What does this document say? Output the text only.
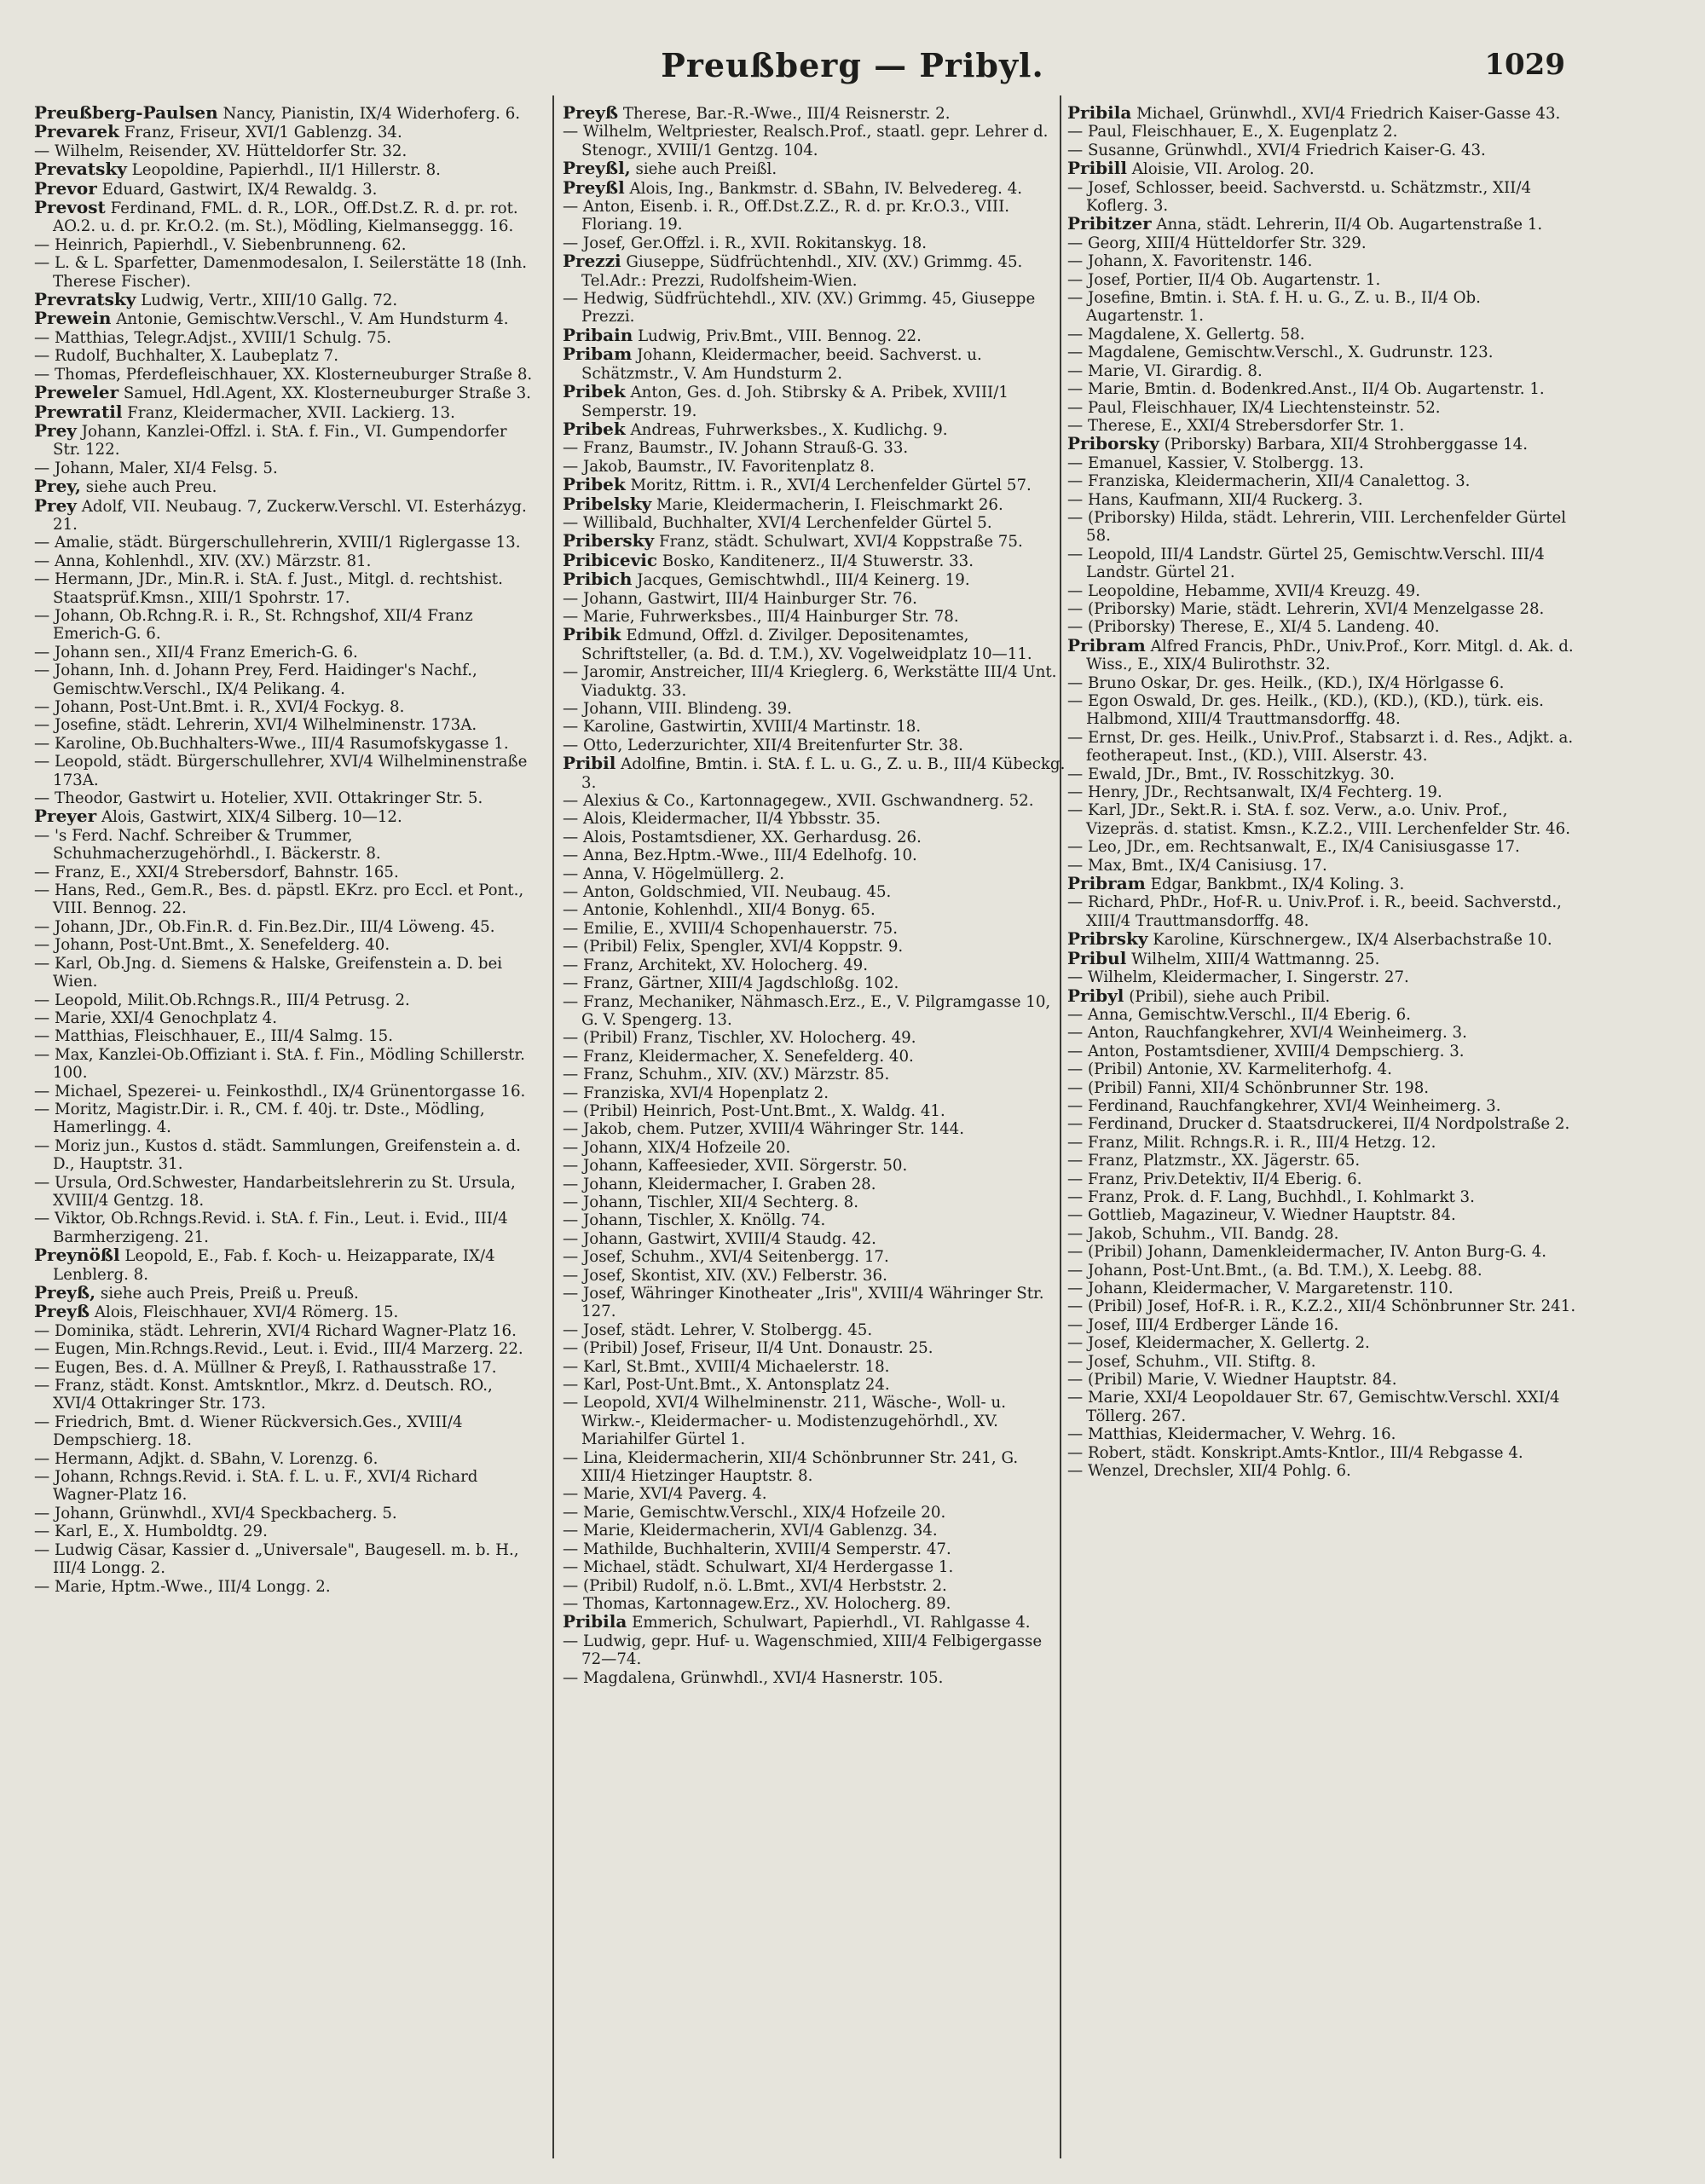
Preußberg — Pribyl.	1029
Preußberg-Paulsen Nancy, Pianistin, IX/4 Widerhoferg. 6.
Prevarek Franz, Friseur, XVI/1 Gablenzg. 34.
— Wilhelm, Reisender, XV. Hütteldorfer Str. 32.
Prevatsky Leopoldine, Papierhdl., II/1 Hillerstr. 8.
Prevor Eduard, Gastwirt, IX/4 Rewaldg. 3.
Prevost Ferdinand, FML. d. R., LOR., Off.Dst.Z. R. d. pr. rot. AO.2. u. d. pr. Kr.O.2. (m. St.), Mödling, Kielmanseggg. 16.
— Heinrich, Papierhdl., V. Siebenbrunneng. 62.
— L. & L. Sparfetter, Damenmodesalon, I. Seilerstätte 18 (Inh. Therese Fischer).
Prevratsky Ludwig, Vertr., XIII/10 Gallg. 72.
Prewein Antonie, Gemischtw.Verschl., V. Am Hundsturm 4.
— Matthias, Telegr.Adjst., XVIII/1 Schulg. 75.
— Rudolf, Buchhalter, X. Laubeplatz 7.
— Thomas, Pferdefleischhauer, XX. Klosterneuburger Straße 8.
Preweler Samuel, Hdl.Agent, XX. Klosterneuburger Straße 3.
Prewratil Franz, Kleidermacher, XVII. Lackierg. 13.
Prey Johann, Kanzlei-Offzl. i. StA. f. Fin., VI. Gumpendorfer Str. 122.
— Johann, Maler, XI/4 Felsg. 5.
Prey, siehe auch Preu.
Prey Adolf, VII. Neubaug. 7, Zuckerw.Verschl. VI. Esterházyg. 21.
— Amalie, städt. Bürgerschullehrerin, XVIII/1 Riglergasse 13.
— Anna, Kohlenhdl., XIV. (XV.) Märzstr. 81.
— Hermann, JDr., Min.R. i. StA. f. Just., Mitgl. d. rechtshist. Staatsprüf.Kmsn., XIII/1 Spohrstr. 17.
— Johann, Ob.Rchng.R. i. R., St. Rchngshof, XII/4 Franz Emerich-G. 6.
— Johann sen., XII/4 Franz Emerich-G. 6.
— Johann, Inh. d. Johann Prey, Ferd. Haidinger's Nachf., Gemischtw.Verschl., IX/4 Pelikang. 4.
— Johann, Post-Unt.Bmt. i. R., XVI/4 Fockyg. 8.
— Josefine, städt. Lehrerin, XVI/4 Wilhelminenstr. 173A.
— Karoline, Ob.Buchhalters-Wwe., III/4 Rasumofskygasse 1.
— Leopold, städt. Bürgerschullehrer, XVI/4 Wilhelminenstraße 173A.
— Theodor, Gastwirt u. Hotelier, XVII. Ottakringer Str. 5.
Preyer Alois, Gastwirt, XIX/4 Silberg. 10—12.
— 's Ferd. Nachf. Schreiber & Trummer, Schuhmacherzugehörhdl., I. Bäckerstr. 8.
— Franz, E., XXI/4 Strebersdorf, Bahnstr. 165.
— Hans, Red., Gem.R., Bes. d. päpstl. EKrz. pro Eccl. et Pont., VIII. Bennog. 22.
— Johann, JDr., Ob.Fin.R. d. Fin.Bez.Dir., III/4 Löweng. 45.
— Johann, Post-Unt.Bmt., X. Senefelderg. 40.
— Karl, Ob.Jng. d. Siemens & Halske, Greifenstein a. D. bei Wien.
— Leopold, Milit.Ob.Rchngs.R., III/4 Petrusg. 2.
— Marie, XXI/4 Genochplatz 4.
— Matthias, Fleischhauer, E., III/4 Salmg. 15.
— Max, Kanzlei-Ob.Offiziant i. StA. f. Fin., Mödling Schillerstr. 100.
— Michael, Spezerei- u. Feinkosthdl., IX/4 Grünentorgasse 16.
— Moritz, Magistr.Dir. i. R., CM. f. 40j. tr. Dste., Mödling, Hamerlingg. 4.
— Moriz jun., Kustos d. städt. Sammlungen, Greifenstein a. d. D., Hauptstr. 31.
— Ursula, Ord.Schwester, Handarbeitslehrerin zu St. Ursula, XVIII/4 Gentzg. 18.
— Viktor, Ob.Rchngs.Revid. i. StA. f. Fin., Leut. i. Evid., III/4 Barmherzigeng. 21.
Preynößl Leopold, E., Fab. f. Koch- u. Heizapparate, IX/4 Lenblerg. 8.
Preyß, siehe auch Preis, Preiß u. Preuß.
Preyß Alois, Fleischhauer, XVI/4 Römerg. 15.
— Dominika, städt. Lehrerin, XVI/4 Richard Wagner-Platz 16.
— Eugen, Min.Rchngs.Revid., Leut. i. Evid., III/4 Marzerg. 22.
— Eugen, Bes. d. A. Müllner & Preyß, I. Rathausstraße 17.
— Franz, städt. Konst. Amtskntlor., Mkrz. d. Deutsch. RO., XVI/4 Ottakringer Str. 173.
— Friedrich, Bmt. d. Wiener Rückversich.Ges., XVIII/4 Dempschierg. 18.
— Hermann, Adjkt. d. SBahn, V. Lorenzg. 6.
— Johann, Rchngs.Revid. i. StA. f. L. u. F., XVI/4 Richard Wagner-Platz 16.
— Johann, Grünwhdl., XVI/4 Speckbacherg. 5.
— Karl, E., X. Humboldtg. 29.
— Ludwig Cäsar, Kassier d. „Universale", Baugesell. m. b. H., III/4 Longg. 2.
— Marie, Hptm.-Wwe., III/4 Longg. 2.
Preyß Therese, Bar.-R.-Wwe., III/4 Reisnerstr. 2.
— Wilhelm, Weltpriester, Realsch.Prof., staatl. gepr. Lehrer d. Stenogr., XVIII/1 Gentzg. 104.
Preyßl, siehe auch Preißl.
Preyßl Alois, Ing., Bankmstr. d. SBahn, IV. Belvedereg. 4.
— Anton, Eisenb. i. R., Off.Dst.Z.Z., R. d. pr. Kr.O.3., VIII. Floriang. 19.
— Josef, Ger.Offzl. i. R., XVII. Rokitanskyg. 18.
Prezzi Giuseppe, Südfrüchtenhdl., XIV. (XV.) Grimmg. 45. Tel.Adr.: Prezzi, Rudolfsheim-Wien.
— Hedwig, Südfrüchtehdl., XIV. (XV.) Grimmg. 45, Giuseppe Prezzi.
Pribain Ludwig, Priv.Bmt., VIII. Bennog. 22.
Pribam Johann, Kleidermacher, beeid. Sachverst. u. Schätzmstr., V. Am Hundsturm 2.
Pribek Anton, Ges. d. Joh. Stibrsky & A. Pribek, XVIII/1 Semperstr. 19.
Pribek Andreas, Fuhrwerksbes., X. Kudlichg. 9.
— Franz, Baumstr., IV. Johann Strauß-G. 33.
— Jakob, Baumstr., IV. Favoritenplatz 8.
Pribek Moritz, Rittm. i. R., XVI/4 Lerchenfelder Gürtel 57.
Pribelsky Marie, Kleidermacherin, I. Fleischmarkt 26.
— Willibald, Buchhalter, XVI/4 Lerchenfelder Gürtel 5.
Pribersky Franz, städt. Schulwart, XVI/4 Koppstraße 75.
Pribicevic Bosko, Kanditenerz., II/4 Stuwerstr. 33.
Pribich Jacques, Gemischtwhdl., III/4 Keinerg. 19.
— Johann, Gastwirt, III/4 Hainburger Str. 76.
— Marie, Fuhrwerksbes., III/4 Hainburger Str. 78.
Pribik Edmund, Offzl. d. Zivilger. Depositenamtes, Schriftsteller, (a. Bd. d. T.M.), XV. Vogelweidplatz 10—11.
— Jaromir, Anstreicher, III/4 Krieglerg. 6, Werkstätte III/4 Unt. Viaduktg. 33.
— Johann, VIII. Blindeng. 39.
— Karoline, Gastwirtin, XVIII/4 Martinstr. 18.
— Otto, Lederzurichter, XII/4 Breitenfurter Str. 38.
Pribil Adolfine, Bmtin. i. StA. f. L. u. G., Z. u. B., III/4 Kübeckg. 3.
— Alexius & Co., Kartonnagegew., XVII. Gschwandnerg. 52.
— Alois, Kleidermacher, II/4 Ybbsstr. 35.
— Alois, Postamtsdiener, XX. Gerhardusg. 26.
— Anna, Bez.Hptm.-Wwe., III/4 Edelhofg. 10.
— Anna, V. Högelmüllerg. 2.
— Anton, Goldschmied, VII. Neubaug. 45.
— Antonie, Kohlenhdl., XII/4 Bonyg. 65.
— Emilie, E., XVIII/4 Schopenhauerstr. 75.
— (Pribil) Felix, Spengler, XVI/4 Koppstr. 9.
— Franz, Architekt, XV. Holocherg. 49.
— Franz, Gärtner, XIII/4 Jagdschloßg. 102.
— Franz, Mechaniker, Nähmasch.Erz., E., V. Pilgramgasse 10, G. V. Spengerg. 13.
— (Pribil) Franz, Tischler, XV. Holocherg. 49.
— Franz, Kleidermacher, X. Senefelderg. 40.
— Franz, Schuhm., XIV. (XV.) Märzstr. 85.
— Franziska, XVI/4 Hopenplatz 2.
— (Pribil) Heinrich, Post-Unt.Bmt., X. Waldg. 41.
— Jakob, chem. Putzer, XVIII/4 Währinger Str. 144.
— Johann, XIX/4 Hofzeile 20.
— Johann, Kaffeesieder, XVII. Sörgerstr. 50.
— Johann, Kleidermacher, I. Graben 28.
— Johann, Tischler, XII/4 Sechterg. 8.
— Johann, Tischler, X. Knöllg. 74.
— Johann, Gastwirt, XVIII/4 Staudg. 42.
— Josef, Schuhm., XVI/4 Seitenbergg. 17.
— Josef, Skontist, XIV. (XV.) Felberstr. 36.
— Josef, Währinger Kinotheater „Iris", XVIII/4 Währinger Str. 127.
— Josef, städt. Lehrer, V. Stolbergg. 45.
— (Pribil) Josef, Friseur, II/4 Unt. Donaustr. 25.
— Karl, St.Bmt., XVIII/4 Michaelerstr. 18.
— Karl, Post-Unt.Bmt., X. Antonsplatz 24.
— Leopold, XVI/4 Wilhelminenstr. 211, Wäsche-, Woll- u. Wirkw.-, Kleidermacher- u. Modistenzugehörhdl., XV. Mariahilfer Gürtel 1.
— Lina, Kleidermacherin, XII/4 Schönbrunner Str. 241, G. XIII/4 Hietzinger Hauptstr. 8.
— Marie, XVI/4 Paverg. 4.
— Marie, Gemischtw.Verschl., XIX/4 Hofzeile 20.
— Marie, Kleidermacherin, XVI/4 Gablenzg. 34.
— Mathilde, Buchhalterin, XVIII/4 Semperstr. 47.
— Michael, städt. Schulwart, XI/4 Herdergasse 1.
— (Pribil) Rudolf, n.ö. L.Bmt., XVI/4 Herbststr. 2.
— Thomas, Kartonnagew.Erz., XV. Holocherg. 89.
Pribila Emmerich, Schulwart, Papierhdl., VI. Rahlgasse 4.
— Ludwig, gepr. Huf- u. Wagenschmied, XIII/4 Felbigergasse 72—74.
— Magdalena, Grünwhdl., XVI/4 Hasnerstr. 105.
Pribila Michael, Grünwhdl., XVI/4 Friedrich Kaiser-Gasse 43.
— Paul, Fleischhauer, E., X. Eugenplatz 2.
— Susanne, Grünwhdl., XVI/4 Friedrich Kaiser-G. 43.
Pribill Aloisie, VII. Arolog. 20.
— Josef, Schlosser, beeid. Sachverstd. u. Schätzmstr., XII/4 Koflerg. 3.
Pribitzer Anna, städt. Lehrerin, II/4 Ob. Augartenstraße 1.
— Georg, XIII/4 Hütteldorfer Str. 329.
— Johann, X. Favoritenstr. 146.
— Josef, Portier, II/4 Ob. Augartenstr. 1.
— Josefine, Bmtin. i. StA. f. H. u. G., Z. u. B., II/4 Ob. Augartenstr. 1.
— Magdalene, X. Gellertg. 58.
— Magdalene, Gemischtw.Verschl., X. Gudrunstr. 123.
— Marie, VI. Girardig. 8.
— Marie, Bmtin. d. Bodenkred.Anst., II/4 Ob. Augartenstr. 1.
— Paul, Fleischhauer, IX/4 Liechtensteinstr. 52.
— Therese, E., XXI/4 Strebersdorfer Str. 1.
Priborsky (Priborsky) Barbara, XII/4 Strohberggasse 14.
— Emanuel, Kassier, V. Stolbergg. 13.
— Franziska, Kleidermacherin, XII/4 Canalettog. 3.
— Hans, Kaufmann, XII/4 Ruckerg. 3.
— (Priborsky) Hilda, städt. Lehrerin, VIII. Lerchenfelder Gürtel 58.
— Leopold, III/4 Landstr. Gürtel 25, Gemischtw.Verschl. III/4 Landstr. Gürtel 21.
— Leopoldine, Hebamme, XVII/4 Kreuzg. 49.
— (Priborsky) Marie, städt. Lehrerin, XVI/4 Menzelgasse 28.
— (Priborsky) Therese, E., XI/4 5. Landeng. 40.
Pribram Alfred Francis, PhDr., Univ.Prof., Korr. Mitgl. d. Ak. d. Wiss., E., XIX/4 Bulirothstr. 32.
— Bruno Oskar, Dr. ges. Heilk., (KD.), IX/4 Hörlgasse 6.
— Egon Oswald, Dr. ges. Heilk., (KD.), (KD.), (KD.), türk. eis. Halbmond, XIII/4 Trauttmansdorffg. 48.
— Ernst, Dr. ges. Heilk., Univ.Prof., Stabsarzt i. d. Res., Adjkt. a. feotherapeut. Inst., (KD.), VIII. Alserstr. 43.
— Ewald, JDr., Bmt., IV. Rosschitzkyg. 30.
— Henry, JDr., Rechtsanwalt, IX/4 Fechterg. 19.
— Karl, JDr., Sekt.R. i. StA. f. soz. Verw., a.o. Univ. Prof., Vizepräs. d. statist. Kmsn., K.Z.2., VIII. Lerchenfelder Str. 46.
— Leo, JDr., em. Rechtsanwalt, E., IX/4 Canisiusgasse 17.
— Max, Bmt., IX/4 Canisiusg. 17.
Pribram Edgar, Bankbmt., IX/4 Koling. 3.
— Richard, PhDr., Hof-R. u. Univ.Prof. i. R., beeid. Sachverstd., XIII/4 Trauttmansdorffg. 48.
Pribrsky Karoline, Kürschnergew., IX/4 Alserbachstraße 10.
Pribul Wilhelm, XIII/4 Wattmanng. 25.
— Wilhelm, Kleidermacher, I. Singerstr. 27.
Pribyl (Pribil), siehe auch Pribil.
— Anna, Gemischtw.Verschl., II/4 Eberig. 6.
— Anton, Rauchfangkehrer, XVI/4 Weinheimerg. 3.
— Anton, Postamtsdiener, XVIII/4 Dempschierg. 3.
— (Pribil) Antonie, XV. Karmeliterhofg. 4.
— (Pribil) Fanni, XII/4 Schönbrunner Str. 198.
— Ferdinand, Rauchfangkehrer, XVI/4 Weinheimerg. 3.
— Ferdinand, Drucker d. Staatsdruckerei, II/4 Nordpolstraße 2.
— Franz, Milit. Rchngs.R. i. R., III/4 Hetzg. 12.
— Franz, Platzmstr., XX. Jägerstr. 65.
— Franz, Priv.Detektiv, II/4 Eberig. 6.
— Franz, Prok. d. F. Lang, Buchhdl., I. Kohlmarkt 3.
— Gottlieb, Magazineur, V. Wiedner Hauptstr. 84.
— Jakob, Schuhm., VII. Bandg. 28.
— (Pribil) Johann, Damenkleidermacher, IV. Anton Burg-G. 4.
— Johann, Post-Unt.Bmt., (a. Bd. T.M.), X. Leebg. 88.
— Johann, Kleidermacher, V. Margaretenstr. 110.
— (Pribil) Josef, Hof-R. i. R., K.Z.2., XII/4 Schönbrunner Str. 241.
— Josef, III/4 Erdberger Lände 16.
— Josef, Kleidermacher, X. Gellertg. 2.
— Josef, Schuhm., VII. Stiftg. 8.
— (Pribil) Marie, V. Wiedner Hauptstr. 84.
— Marie, XXI/4 Leopoldauer Str. 67, Gemischtw.Verschl. XXI/4 Töllerg. 267.
— Matthias, Kleidermacher, V. Wehrg. 16.
— Robert, städt. Konskript.Amts-Kntlor., III/4 Rebgasse 4.
— Wenzel, Drechsler, XII/4 Pohlg. 6.
